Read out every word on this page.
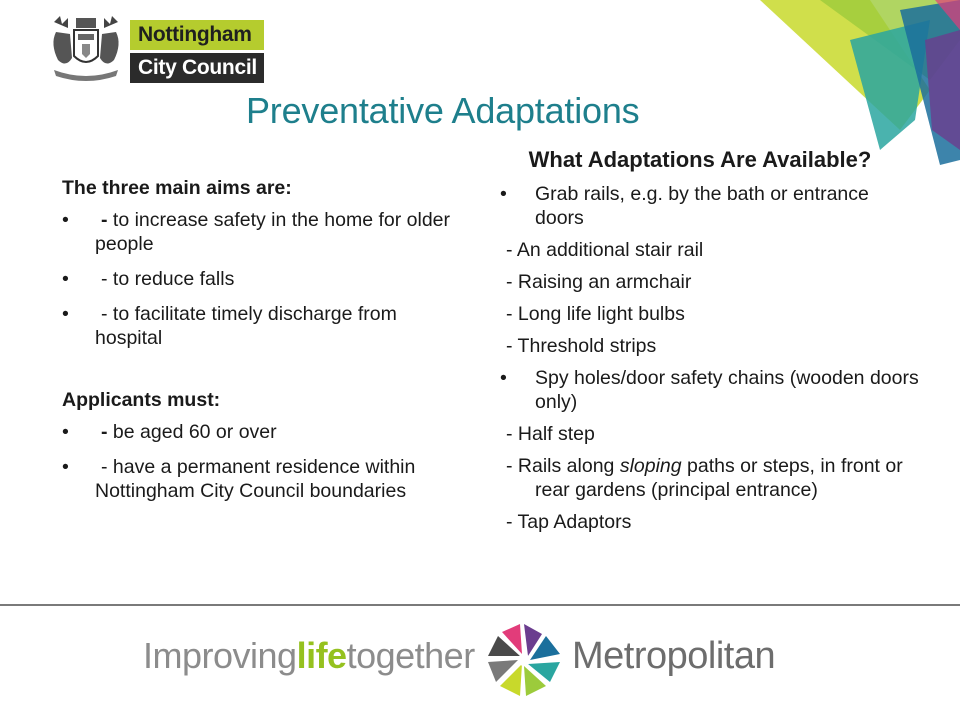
Nottingham
City Council
Preventative Adaptations
The three main aims are:
•	- to increase safety in the home for older people
•	- to reduce falls
•	- to facilitate timely discharge from hospital
Applicants must:
•	- be aged 60 or over
•	- have a permanent residence within Nottingham City Council boundaries
What Adaptations Are Available?
• Grab rails, e.g. by the bath or entrance doors
- An additional stair rail
- Raising an armchair
- Long life light bulbs
- Threshold strips
• Spy holes/door safety chains (wooden doors only)
- Half step
- Rails along sloping paths or steps, in front or rear gardens (principal entrance)
- Tap Adaptors
Improvinglifetogether	Metropolitan
